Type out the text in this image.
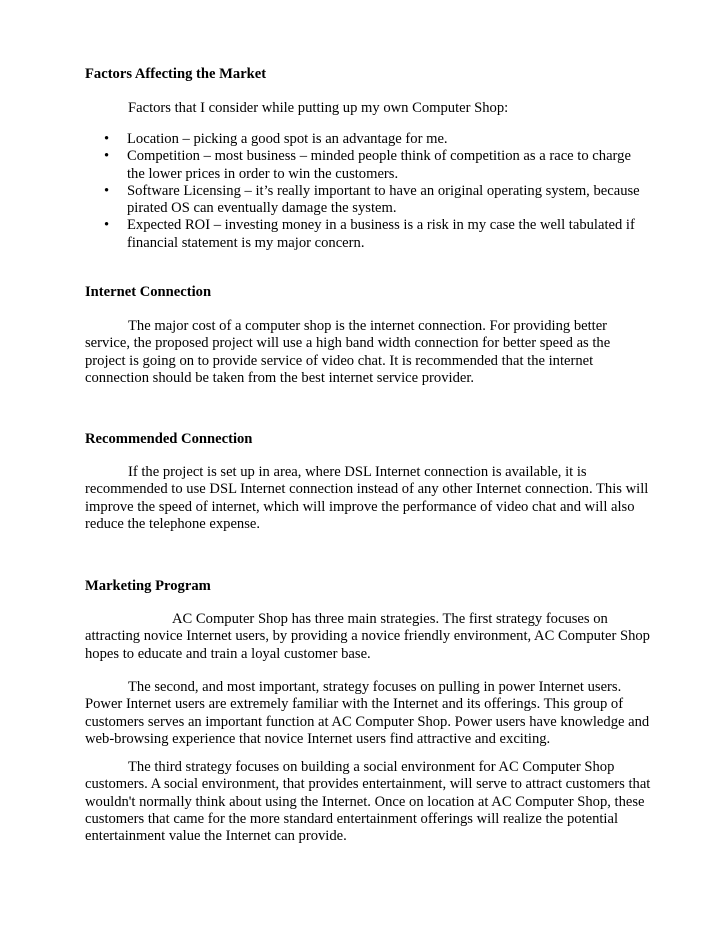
Factors Affecting the Market
Factors that I consider while putting up my own Computer Shop:
•	Location – picking a good spot is an advantage for me.
•	Competition – most business – minded people think of competition as a race to charge
the lower prices in order to win the customers.
•	Software Licensing – it’s really important to have an original operating system, because
pirated OS can eventually damage the system.
•	Expected ROI – investing money in a business is a risk in my case the well tabulated if
financial statement is my major concern.
Internet Connection
The major cost of a computer shop is the internet connection. For providing better
service, the proposed project will use a high band width connection for better speed as the
project is going on to provide service of video chat. It is recommended that the internet
connection should be taken from the best internet service provider.
Recommended Connection
If the project is set up in area, where DSL Internet connection is available, it is
recommended to use DSL Internet connection instead of any other Internet connection. This will
improve the speed of internet, which will improve the performance of video chat and will also
reduce the telephone expense.
Marketing Program
AC Computer Shop has three main strategies. The first strategy focuses on
attracting novice Internet users, by providing a novice friendly environment, AC Computer Shop
hopes to educate and train a loyal customer base.
The second, and most important, strategy focuses on pulling in power Internet users.
Power Internet users are extremely familiar with the Internet and its offerings. This group of
customers serves an important function at AC Computer Shop. Power users have knowledge and
web-browsing experience that novice Internet users find attractive and exciting.
The third strategy focuses on building a social environment for AC Computer Shop
customers. A social environment, that provides entertainment, will serve to attract customers that
wouldn't normally think about using the Internet. Once on location at AC Computer Shop, these
customers that came for the more standard entertainment offerings will realize the potential
entertainment value the Internet can provide.
